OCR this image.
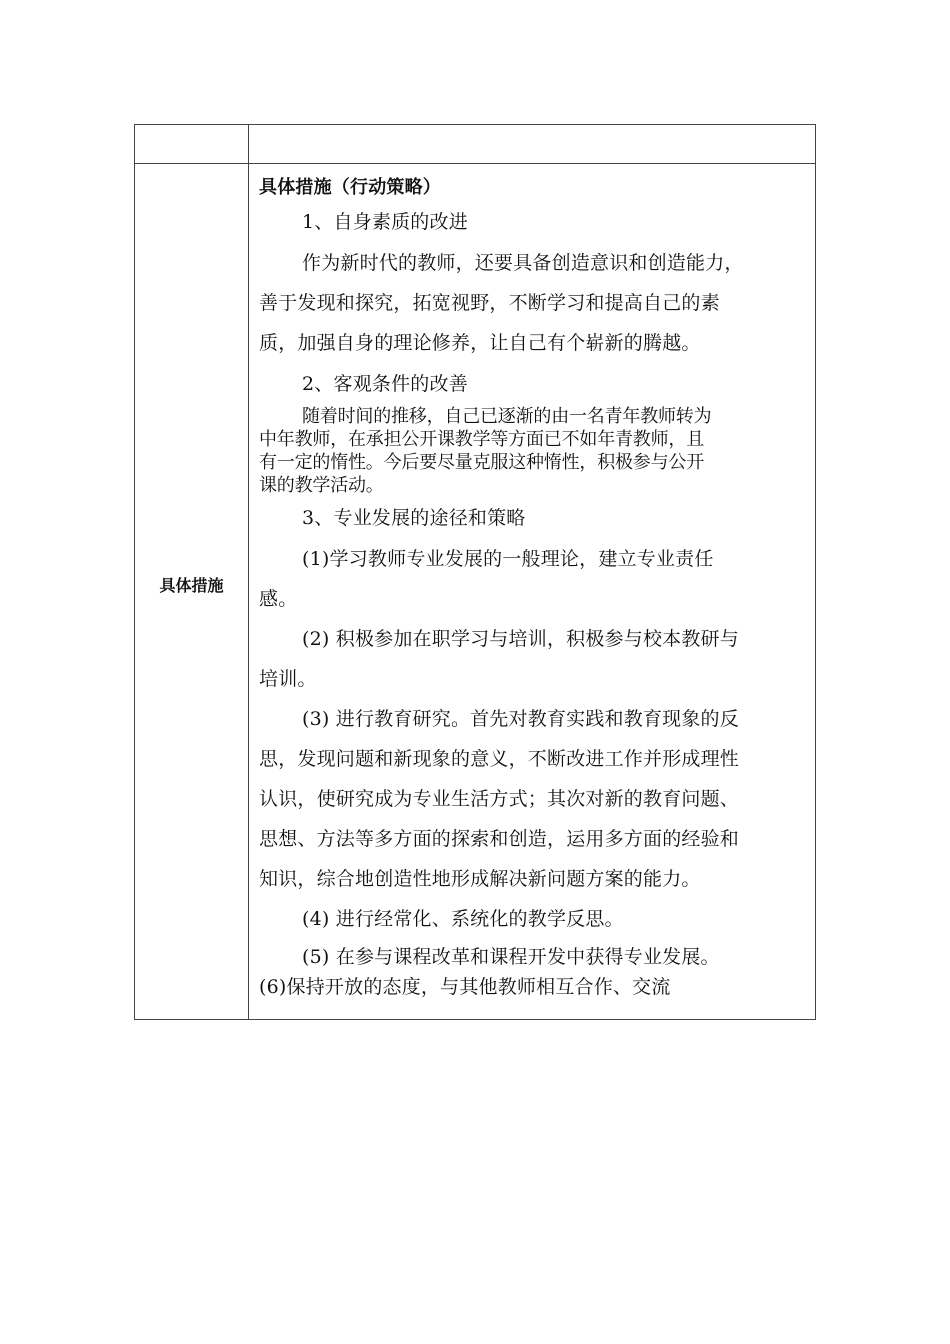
具体措施

具体措施（行动策略）

1、自身素质的改进

作为新时代的教师，还要具备创造意识和创造能力，

善于发现和探究，拓宽视野，不断学习和提高自己的素

质，加强自身的理论修养，让自己有个崭新的腾越。

2、客观条件的改善

随着时间的推移，自己已逐渐的由一名青年教师转为

中年教师，在承担公开课教学等方面已不如年青教师，且

有一定的惰性。今后要尽量克服这种惰性，积极参与公开

课的教学活动。

3、专业发展的途径和策略

(1)学习教师专业发展的一般理论，建立专业责任

感。

(2) 积极参加在职学习与培训，积极参与校本教研与

培训。

(3) 进行教育研究。首先对教育实践和教育现象的反

思，发现问题和新现象的意义，不断改进工作并形成理性

认识，使研究成为专业生活方式；其次对新的教育问题、

思想、方法等多方面的探索和创造，运用多方面的经验和

知识，综合地创造性地形成解决新问题方案的能力。

(4) 进行经常化、系统化的教学反思。

(5) 在参与课程改革和课程开发中获得专业发展。

(6)保持开放的态度，与其他教师相互合作、交流
